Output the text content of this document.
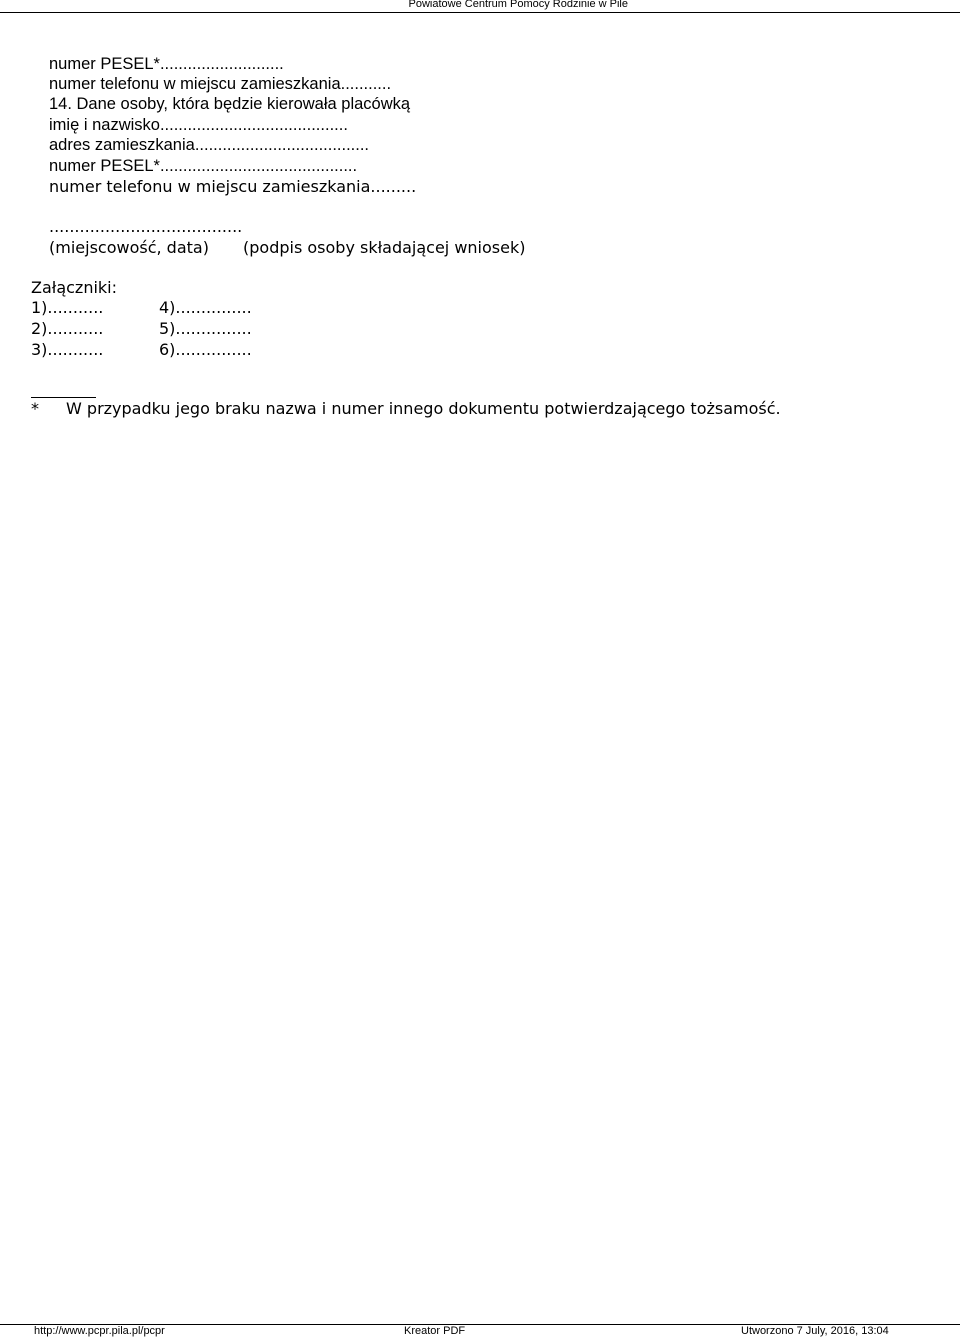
Powiatowe Centrum Pomocy Rodzinie w Pile
numer PESEL*...........................
numer telefonu w miejscu zamieszkania...........
14. Dane osoby, która będzie kierowała placówką
imię i nazwisko.........................................
adres zamieszkania......................................
numer PESEL*...........................................
numer telefonu w miejscu zamieszkania.........
......................................
(miejscowość, data) (podpis osoby składającej wniosek)
Załączniki:
1)...........	4)...............
2)...........	5)...............
3)...........	6)...............
* W przypadku jego braku nazwa i numer innego dokumentu potwierdzającego tożsamość.
http://www.pcpr.pila.pl/pcpr	Kreator PDF	Utworzono 7 July, 2016, 13:04
